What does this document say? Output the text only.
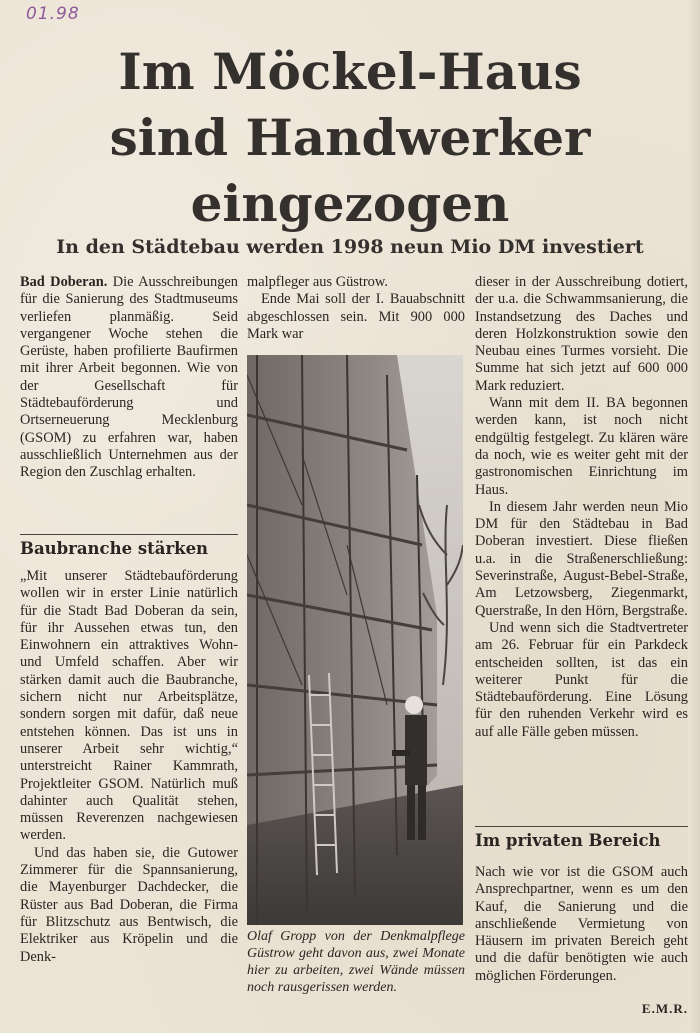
01.98
Im Möckel-Haus
sind Handwerker
eingezogen
In den Städtebau werden 1998 neun Mio DM investiert

Bad Doberan. Die Ausschreibungen für die Sanierung des Stadtmuseums verliefen planmäßig. Seid vergangener Woche stehen die Gerüste, haben profilierte Baufirmen mit ihrer Arbeit begonnen. Wie von der Gesellschaft für Städtebauförderung und Ortserneuerung Mecklenburg (GSOM) zu erfahren war, haben ausschließlich Unternehmen aus der Region den Zuschlag erhalten.

Baubranche stärken

„Mit unserer Städtebauförderung wollen wir in erster Linie natürlich für die Stadt Bad Doberan da sein, für ihr Aussehen etwas tun, den Einwohnern ein attraktives Wohn- und Umfeld schaffen. Aber wir stärken damit auch die Baubranche, sichern nicht nur Arbeitsplätze, sondern sorgen mit dafür, daß neue entstehen können. Das ist uns in unserer Arbeit sehr wichtig,“ unterstreicht Rainer Kammrath, Projektleiter GSOM. Natürlich muß dahinter auch Qualität stehen, müssen Reverenzen nachgewiesen werden.

Und das haben sie, die Gutower Zimmerer für die Spannsanierung, die Mayenburger Dachdecker, die Rüster aus Bad Doberan, die Firma für Blitzschutz aus Bentwisch, die Elektriker aus Kröpelin und die Denk-

malpfleger aus Güstrow.

Ende Mai soll der I. Bauabschnitt abgeschlossen sein. Mit 900 000 Mark war

Olaf Gropp von der Denkmalpflege Güstrow geht davon aus, zwei Monate hier zu arbeiten, zwei Wände müssen noch rausgerissen werden.

dieser in der Ausschreibung dotiert, der u.a. die Schwammsanierung, die Instandsetzung des Daches und deren Holzkonstruktion sowie den Neubau eines Turmes vorsieht. Die Summe hat sich jetzt auf 600 000 Mark reduziert.

Wann mit dem II. BA begonnen werden kann, ist noch nicht endgültig festgelegt. Zu klären wäre da noch, wie es weiter geht mit der gastronomischen Einrichtung im Haus.

In diesem Jahr werden neun Mio DM für den Städtebau in Bad Doberan investiert. Diese fließen u.a. in die Straßenerschließung: Severinstraße, August-Bebel-Straße, Am Letzowsberg, Ziegenmarkt, Querstraße, In den Hörn, Bergstraße.

Und wenn sich die Stadtvertreter am 26. Februar für ein Parkdeck entscheiden sollten, ist das ein weiterer Punkt für die Städtebauförderung. Eine Lösung für den ruhenden Verkehr wird es auf alle Fälle geben müssen.

Im privaten Bereich

Nach wie vor ist die GSOM auch Ansprechpartner, wenn es um den Kauf, die Sanierung und die anschließende Vermietung von Häusern im privaten Bereich geht und die dafür benötigten wie auch möglichen Förderungen.

E.M.R.
